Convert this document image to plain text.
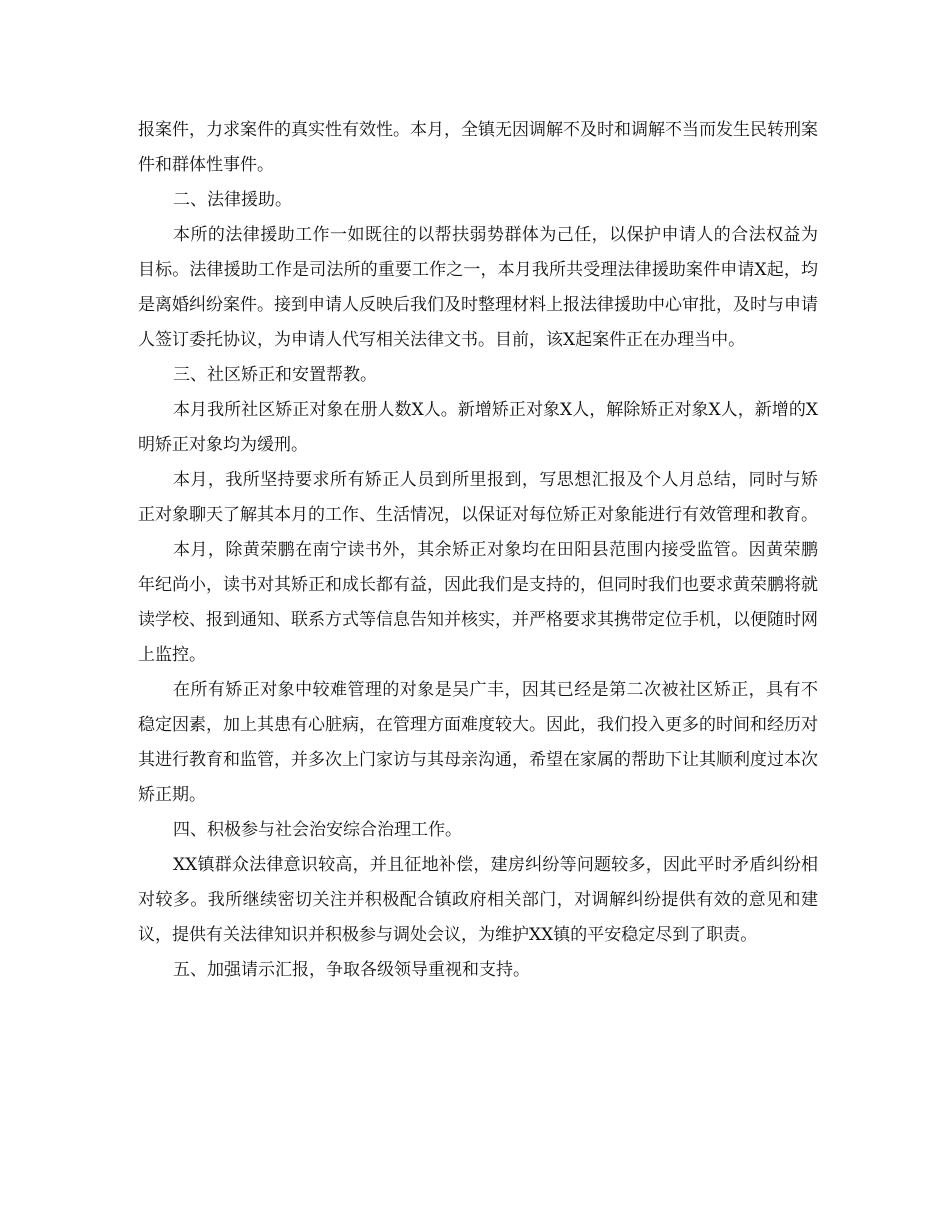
报案件，力求案件的真实性有效性。本月，全镇无因调解不及时和调解不当而发生民转刑案件和群体性事件。

二、法律援助。

本所的法律援助工作一如既往的以帮扶弱势群体为己任，以保护申请人的合法权益为目标。法律援助工作是司法所的重要工作之一，本月我所共受理法律援助案件申请X起，均是离婚纠纷案件。接到申请人反映后我们及时整理材料上报法律援助中心审批，及时与申请人签订委托协议，为申请人代写相关法律文书。目前，该X起案件正在办理当中。

三、社区矫正和安置帮教。

本月我所社区矫正对象在册人数X人。新增矫正对象X人，解除矫正对象X人，新增的X明矫正对象均为缓刑。

本月，我所坚持要求所有矫正人员到所里报到，写思想汇报及个人月总结，同时与矫正对象聊天了解其本月的工作、生活情况，以保证对每位矫正对象能进行有效管理和教育。

本月，除黄荣鹏在南宁读书外，其余矫正对象均在田阳县范围内接受监管。因黄荣鹏年纪尚小，读书对其矫正和成长都有益，因此我们是支持的，但同时我们也要求黄荣鹏将就读学校、报到通知、联系方式等信息告知并核实，并严格要求其携带定位手机，以便随时网上监控。

在所有矫正对象中较难管理的对象是吴广丰，因其已经是第二次被社区矫正，具有不稳定因素，加上其患有心脏病，在管理方面难度较大。因此，我们投入更多的时间和经历对其进行教育和监管，并多次上门家访与其母亲沟通，希望在家属的帮助下让其顺利度过本次矫正期。

四、积极参与社会治安综合治理工作。

XX镇群众法律意识较高，并且征地补偿，建房纠纷等问题较多，因此平时矛盾纠纷相对较多。我所继续密切关注并积极配合镇政府相关部门，对调解纠纷提供有效的意见和建议，提供有关法律知识并积极参与调处会议，为维护XX镇的平安稳定尽到了职责。

五、加强请示汇报，争取各级领导重视和支持。
